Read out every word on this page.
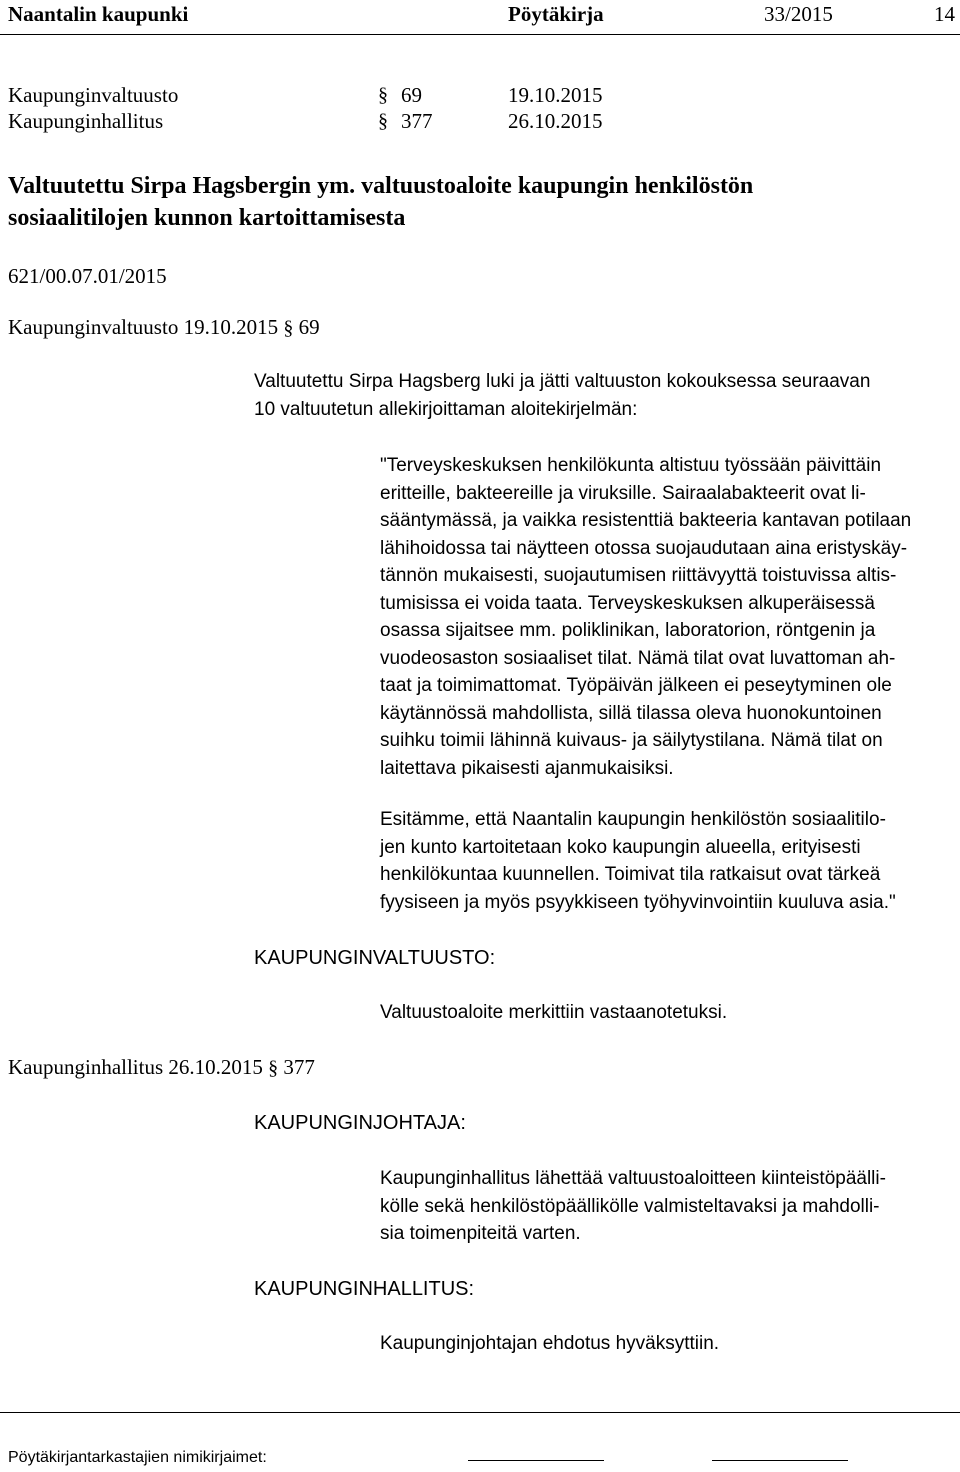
Naantalin kaupunki	Pöytäkirja	33/2015	14
Kaupunginvaltuusto	§ 69	19.10.2015
Kaupunginhallitus	§ 377	26.10.2015
Valtuutettu Sirpa Hagsbergin ym. valtuustoaloite kaupungin henkilöstön
sosiaalitilojen kunnon kartoittamisesta
621/00.07.01/2015
Kaupunginvaltuusto 19.10.2015 § 69
Valtuutettu Sirpa Hagsberg luki ja jätti valtuuston kokouksessa seuraavan
10 valtuutetun allekirjoittaman aloitekirjelmän:
"Terveyskeskuksen henkilökunta altistuu työssään päivittäin
eritteille, bakteereille ja viruksille. Sairaalabakteerit ovat li-
sääntymässä, ja vaikka resistenttiä bakteeria kantavan potilaan
lähihoidossa tai näytteen otossa suojaudutaan aina eristyskäy-
tännön mukaisesti, suojautumisen riittävyyttä toistuvissa altis-
tumisissa ei voida taata. Terveyskeskuksen alkuperäisessä
osassa sijaitsee mm. poliklinikan, laboratorion, röntgenin ja
vuodeosaston sosiaaliset tilat. Nämä tilat ovat luvattoman ah-
taat ja toimimattomat. Työpäivän jälkeen ei peseytyminen ole
käytännössä mahdollista, sillä tilassa oleva huonokuntoinen
suihku toimii lähinnä kuivaus- ja säilytystilana. Nämä tilat on
laitettava pikaisesti ajanmukaisiksi.
Esitämme, että Naantalin kaupungin henkilöstön sosiaalitilo-
jen kunto kartoitetaan koko kaupungin alueella, erityisesti
henkilökuntaa kuunnellen. Toimivat tila ratkaisut ovat tärkeä
fyysiseen ja myös psyykkiseen työhyvinvointiin kuuluva asia."
KAUPUNGINVALTUUSTO:
Valtuustoaloite merkittiin vastaanotetuksi.
Kaupunginhallitus 26.10.2015 § 377
KAUPUNGINJOHTAJA:
Kaupunginhallitus lähettää valtuustoaloitteen kiinteistöpäälli-
kölle sekä henkilöstöpäällikölle valmisteltavaksi ja mahdolli-
sia toimenpiteitä varten.
KAUPUNGINHALLITUS:
Kaupunginjohtajan ehdotus hyväksyttiin.
Pöytäkirjantarkastajien nimikirjaimet:
